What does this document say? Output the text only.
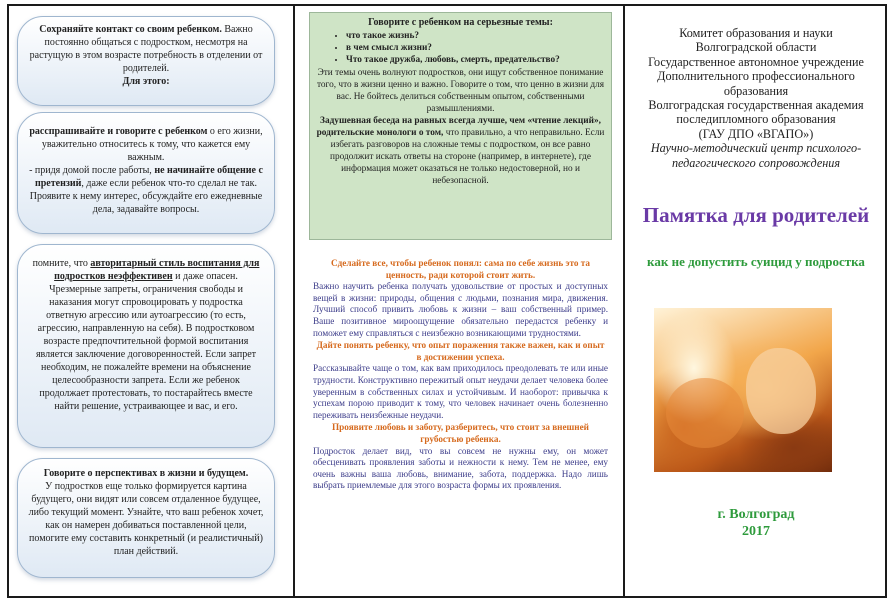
Сохраняйте контакт со своим ребенком. Важно постоянно общаться с подростком, несмотря на растущую в этом возрасте потребность в отделении от родителей.
Для этого:
расспрашивайте и говорите с ребенком о его жизни, уважительно относитесь к тому, что кажется ему важным.
- придя домой после работы, не начинайте общение с претензий, даже если ребенок что-то сделал не так.
Проявите к нему интерес, обсуждайте его ежедневные дела, задавайте вопросы.
помните, что авторитарный стиль воспитания для подростков неэффективен и даже опасен. Чрезмерные запреты, ограничения свободы и наказания могут спровоцировать у подростка ответную агрессию или аутоагрессию (то есть, агрессию, направленную на себя). В подростковом возрасте предпочтительной формой воспитания является заключение договоренностей. Если запрет необходим, не пожалейте времени на объяснение целесообразности запрета. Если же ребенок продолжает протестовать, то постарайтесь вместе найти решение, устраивающее и вас, и его.
Говорите о перспективах в жизни и будущем.
У подростков еще только формируется картина будущего, они видят или совсем отдаленное будущее, либо текущий момент. Узнайте, что ваш ребенок хочет, как он намерен добиваться поставленной цели, помогите ему составить конкретный (и реалистичный) план действий.
Говорите с ребенком на серьезные темы:
• что такое жизнь?
• в чем смысл жизни?
• Что такое дружба, любовь, смерть, предательство?

Эти темы очень волнуют подростков, они ищут собственное понимание того, что в жизни ценно и важно. Говорите о том, что ценно в жизни для вас. Не бойтесь делиться собственным опытом, собственными размышлениями.

Задушевная беседа на равных всегда лучше, чем «чтение лекций», родительские монологи о том, что правильно, а что неправильно. Если избегать разговоров на сложные темы с подростком, он все равно продолжит искать ответы на стороне (например, в интернете), где информация может оказаться не только недостоверной, но и небезопасной.

Сделайте все, чтобы ребенок понял: сама по себе жизнь это та ценность, ради которой стоит жить.

Важно научить ребенка получать удовольствие от простых и доступных вещей в жизни: природы, общения с людьми, познания мира, движения. Лучший способ привить любовь к жизни – ваш собственный пример. Ваше позитивное мироощущение обязательно передастся ребенку и поможет ему справляться с неизбежно возникающими трудностями.

Дайте понять ребенку, что опыт поражения также важен, как и опыт в достижении успеха.

Рассказывайте чаще о том, как вам приходилось преодолевать те или иные трудности. Конструктивно пережитый опыт неудачи делает человека более уверенным в собственных силах и устойчивым. И наоборот: привычка к успехам порою приводит к тому, что человек начинает очень болезненно переживать неизбежные неудачи.

Проявите любовь и заботу, разберитесь, что стоит за внешней грубостью ребенка.

Подросток делает вид, что вы совсем не нужны ему, он может обесценивать проявления заботы и нежности к нему. Тем не менее, ему очень важны ваша любовь, внимание, забота, поддержка. Надо лишь выбрать приемлемые для этого возраста формы их проявления.

Комитет образования и науки
Волгоградской области
Государственное автономное учреждение
Дополнительного профессионального
образования
Волгоградская государственная академия
последипломного образования
(ГАУ ДПО «ВГАПО»)
Научно-методический центр психолого-педагогического сопровождения
Памятка для родителей
как не допустить суицид у подростка
г. Волгоград
2017
